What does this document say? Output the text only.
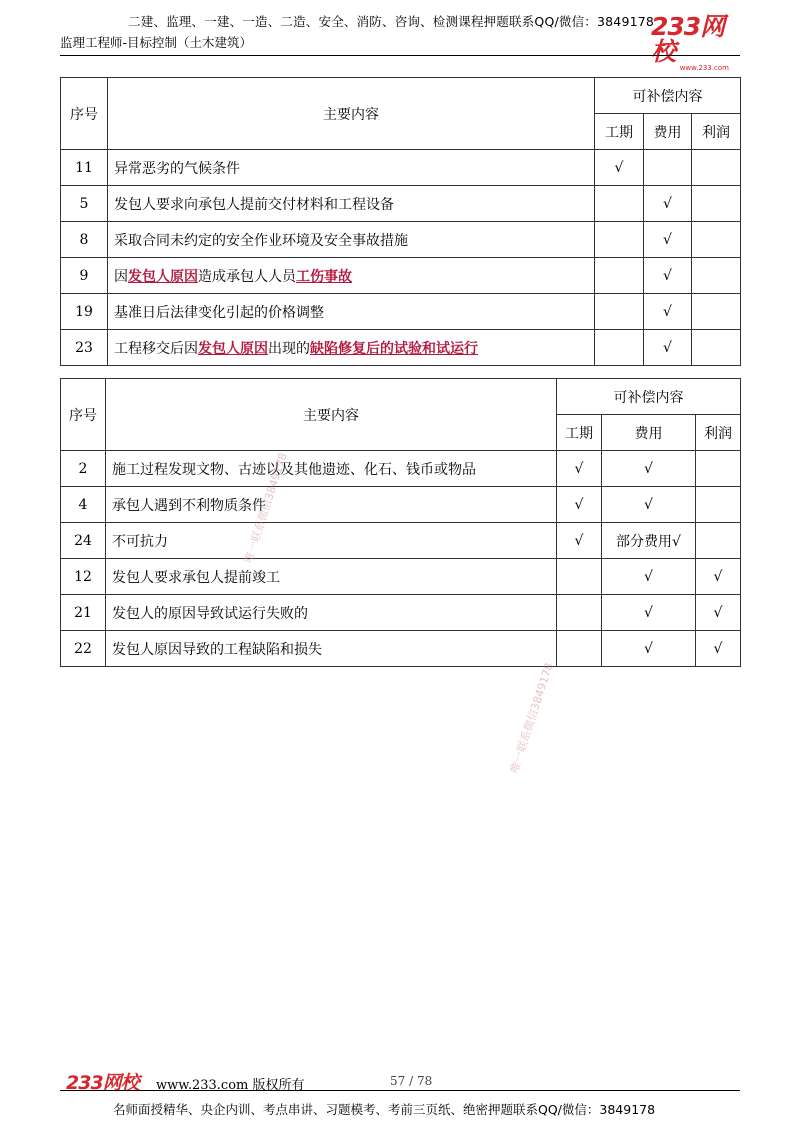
二建、监理、一建、一造、二造、安全、消防、咨询、检测课程押题联系QQ/微信：3849178
监理工程师-目标控制（土木建筑）
233网校
www.233.com
序号	主要内容	可补偿内容		
		工期	费用	利润
11	异常恶劣的气候条件	√		
5	发包人要求向承包人提前交付材料和工程设备		√	
8	采取合同未约定的安全作业环境及安全事故措施		√	
9	因发包人原因造成承包人人员工伤事故		√	
19	基准日后法律变化引起的价格调整		√	
23	工程移交后因发包人原因出现的缺陷修复后的试验和试运行		√	
序号	主要内容	可补偿内容		
		工期	费用	利润
2	施工过程发现文物、古迹以及其他遗迹、化石、钱币或物品	√	√	
4	承包人遇到不利物质条件	√	√	
24	不可抗力	√	部分费用√	
12	发包人要求承包人提前竣工		√	√
21	发包人的原因导致试运行失败的		√	√
22	发包人原因导致的工程缺陷和损失		√	√
唯一联系微信3849178
唯一联系微信3849178
233网校 www.233.com 版权所有	57 / 78
名师面授精华、央企内训、考点串讲、习题模考、考前三页纸、绝密押题联系QQ/微信：3849178
